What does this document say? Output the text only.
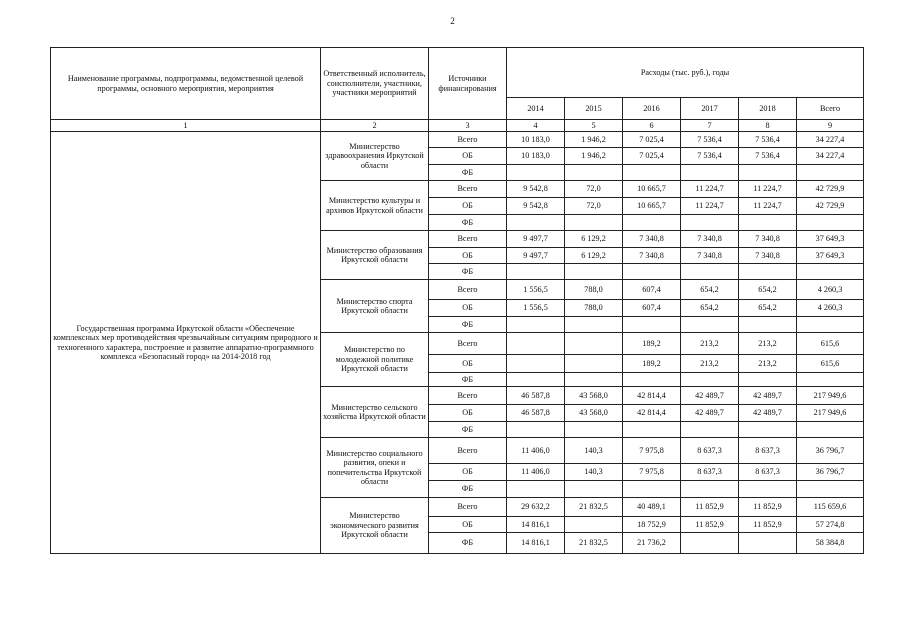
2
Наименование программы, подпрограммы, ведомственной целевой программы, основного мероприятия, мероприятия	Ответственный исполнитель, соисполнители, участники, участники мероприятий	Источники финансирования	Расходы (тыс. руб.), годы					
			2014	2015	2016	2017	2018	Всего
1	2	3	4	5	6	7	8	9
Государственная программа Иркутской области «Обеспечение комплексных мер противодействия чрезвычайным ситуациям природного и техногенного характера, построение и развитие аппаратно-программного комплекса «Безопасный город» на 2014-2018 год	Министерство здравоохранения Иркутской области	Всего	10 183,0	1 946,2	7 025,4	7 536,4	7 536,4	34 227,4
		ОБ	10 183,0	1 946,2	7 025,4	7 536,4	7 536,4	34 227,4
		ФБ						
	Министерство культуры и архивов Иркутской области	Всего	9 542,8	72,0	10 665,7	11 224,7	11 224,7	42 729,9
		ОБ	9 542,8	72,0	10 665,7	11 224,7	11 224,7	42 729,9
		ФБ						
	Министерство образования Иркутской области	Всего	9 497,7	6 129,2	7 340,8	7 340,8	7 340,8	37 649,3
		ОБ	9 497,7	6 129,2	7 340,8	7 340,8	7 340,8	37 649,3
		ФБ						
	Министерство спорта Иркутской области	Всего	1 556,5	788,0	607,4	654,2	654,2	4 260,3
		ОБ	1 556,5	788,0	607,4	654,2	654,2	4 260,3
		ФБ						
	Министерство по молодежной политике Иркутской области	Всего			189,2	213,2	213,2	615,6
		ОБ			189,2	213,2	213,2	615,6
		ФБ						
	Министерство сельского хозяйства Иркутской области	Всего	46 587,8	43 568,0	42 814,4	42 489,7	42 489,7	217 949,6
		ОБ	46 587,8	43 568,0	42 814,4	42 489,7	42 489,7	217 949,6
		ФБ						
	Министерство социального развития, опеки и попечительства Иркутской области	Всего	11 406,0	140,3	7 975,8	8 637,3	8 637,3	36 796,7
		ОБ	11 406,0	140,3	7 975,8	8 637,3	8 637,3	36 796,7
		ФБ						
	Министерство экономического развития Иркутской области	Всего	29 632,2	21 832,5	40 489,1	11 852,9	11 852,9	115 659,6
		ОБ	14 816,1		18 752,9	11 852,9	11 852,9	57 274,8
		ФБ	14 816,1	21 832,5	21 736,2			58 384,8
